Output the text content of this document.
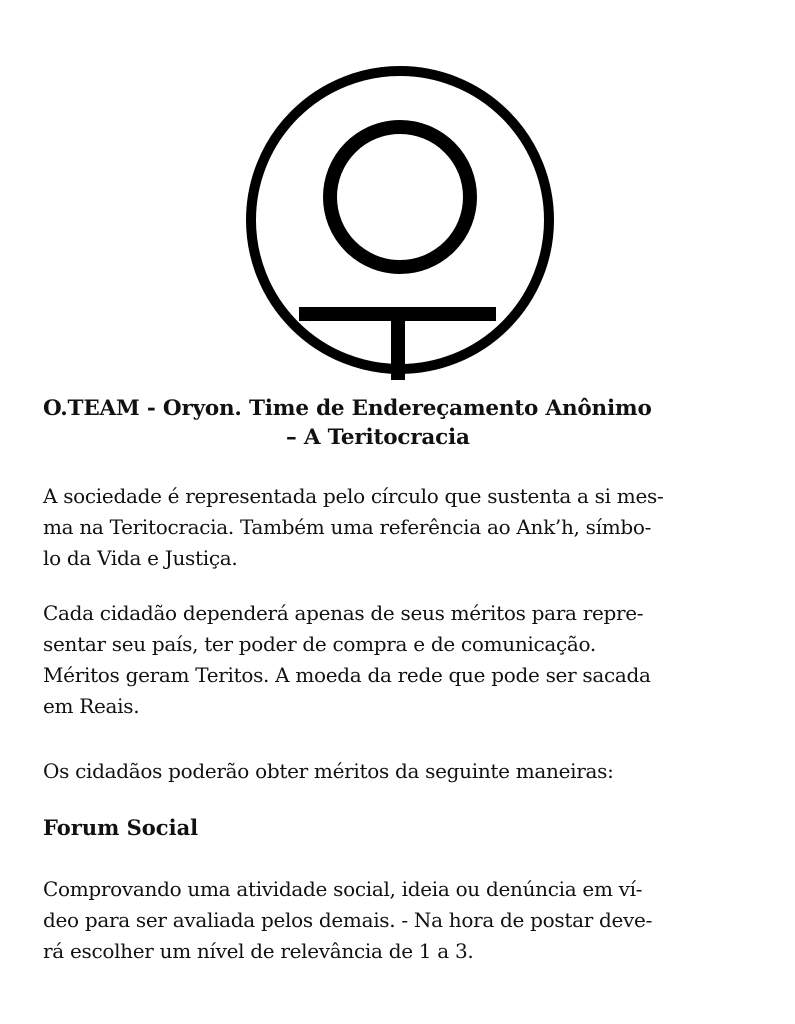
O.TEAM - Oryon. Time de Endereçamento Anônimo
– A Teritocracia

A sociedade é representada pelo círculo que sustenta a si mes-
ma na Teritocracia. Também uma referência ao Ank’h, símbo-
lo da Vida e Justiça.

Cada cidadão dependerá apenas de seus méritos para repre-
sentar seu país, ter poder de compra e de comunicação.
Méritos geram Teritos. A moeda da rede que pode ser sacada
em Reais.

Os cidadãos poderão obter méritos da seguinte maneiras:

Forum Social

Comprovando uma atividade social, ideia ou denúncia em ví-
deo para ser avaliada pelos demais. - Na hora de postar deve-
rá escolher um nível de relevância de 1 a 3.
